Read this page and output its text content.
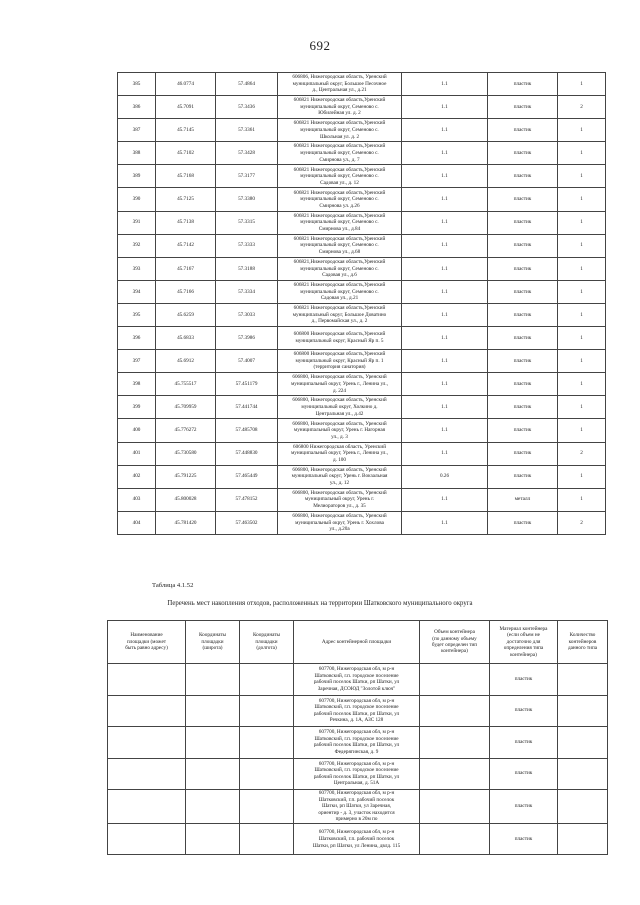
692
385	46.0774	57.4864	606806, Нижегородская область, Уренский
муниципальный округ, Большое Песочное
д., Центральная ул., д.21	1.1	пластик	1
386	45.7091	57.3436	606821 Нижегородская область,Уренский
муниципальный округ, Семеново с.
Юбилейная ул. д. 2	1.1	пластик	2
387	45.7145	57.3361	606821 Нижегородская область,Уренский
муниципальный округ, Семеново с.
Школьная ул. д. 2	1.1	пластик	1
388	45.7102	57.3428	606821 Нижегородская область,Уренский
муниципальный округ, Семеново с.
Смирнова ул., д. 7	1.1	пластик	1
389	45.7168	57.3177	606821 Нижегородская область,Уренский
муниципальный округ, Семеново с.
Садовая ул., д. 12	1.1	пластик	1
390	45.7125	57.3380	606821 Нижегородская область,Уренский
муниципальный округ, Семеново с.
Смирнова ул. д.26	1.1	пластик	1
391	45.7138	57.3315	606821 Нижегородская область,Уренский
муниципальный округ, Семеново с.
Смирнова ул., д.84	1.1	пластик	1
392	45.7142	57.3333	606821 Нижегородская область,Уренский
муниципальный округ, Семеново с.
Смирнова ул., д.68	1.1	пластик	1
393	45.7167	57.3188	606821,Нижегородская область,Уренский
муниципальный округ, Семеново с.
Садовая ул., д.6	1.1	пластик	1
394	45.7166	57.3334	606821 Нижегородская область,Уренский
муниципальный округ, Семеново с.
Садовая ул., д.21	1.1	пластик	1
395	45.6259	57.3033	606821 Нижегородская область,Уренский
муниципальный округ, Большое Доватино
д., Первомайская ул., д. 2	1.1	пластик	1
396	45.6833	57.3986	606800 Нижегородская область,Уренский
муниципальный округ, Красный Яр п. 5	1.1	пластик	1
397	45.6912	57.4007	606800 Нижегородская область,Уренский
муниципальный округ, Красный Яр п. 1
(территория санатория)	1.1	пластик	1
398	45.755517	57.451179	606800, Нижегородская область, Уренский
муниципальный округ, Урень г., Ленина ул.,
д. 224	1.1	пластик	1
399	45.709959	57.441744	606800, Нижегородская область, Уренский
муниципальный округ, Холкино д.
Центральная ул., д.42	1.1	пластик	1
400	45.776272	57.485708	606800, Нижегородская область, Уренский
муниципальный округ, Урень г. Нагорная
ул., д. 3	1.1	пластик	1
401	45.730580	57.448830	606800 Нижегородская область, Уренский
муниципальный округ, Урень г., Ленина ул.,
д. 100	1.1	пластик	2
402	45.791225	57.465449	606800, Нижегородская область, Уренский
муниципальный округ, Урень г. Вокзальная
ул., д. 12	0.26	пластик	1
403	45.800028	57.478152	606800, Нижегородская область, Уренский
муниципальный округ, Урень г.
Мелиораторов ул., д. 35	1.1	металл	1
404	45.781420	57.463502	606800, Нижегородская область, Уренский
муниципальный округ, Урень г. Хохлова
ул., д.20а	1.1	пластик	2
Таблица 4.1.52
Перечень мест накопления отходов, расположенных на территории Шатковского муниципального округа
Наименование
площадки (может
быть равно адресу)	Координаты
площадки
(широта)	Координаты
площадки
(долгота)	Адрес контейнерной площадки	Объем контейнера
(по данному объему
будет определен тип
контейнера)	Материал контейнера
(если объем не
достаточно для
определения типа
контейнера)	Количество
контейнеров
данного типа
			607700, Нижегородская обл, м р-н
Шатковский, г.п. городское поселение
рабочий поселок Шатки, рп Шатки, ул
Заречная, ДСОЮД "Золотой ключ"		пластик	
			607700, Нижегородская обл, м р-н
Шатковский, г.п. городское поселение
рабочий поселок Шатки, рп Шатки, ул
Речкина, д. 1А, АЗС 128		пластик	
			607700, Нижегородская обл, м р-н
Шатковский, г.п. городское поселение
рабочий поселок Шатки, рп Шатки, ул
Федерягинская, д. 9		пластик	
			607700, Нижегородская обл, м р-н
Шатковский, г.п. городское поселение
рабочий поселок Шатки, рп Шатки, ул
Центральная, д. 51А		пластик	
			607700, Нижегородская обл, м р-н
Шатковский, г.п. рабочий поселок
Шатки, рп Шатки, ул Заречная,
ориентир - д. 3, участок находится
примерно в 20м по		пластик	
			607700, Нижегородская обл, м р-н
Шатковский, г.п. рабочий поселок
Шатки, рп Шатки, ул Ленина, двлд. 115		пластик	
